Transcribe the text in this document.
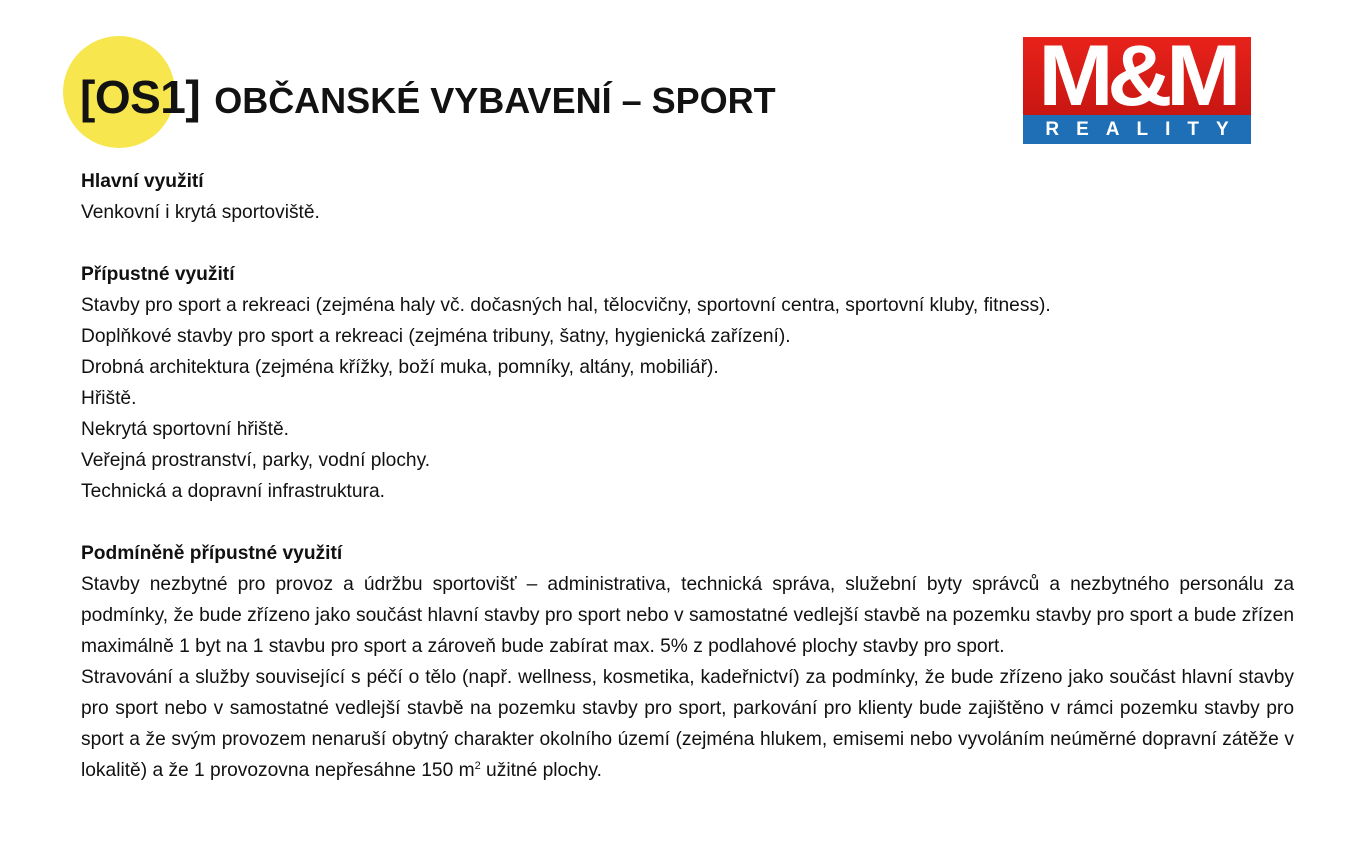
[OS1] OBČANSKÉ VYBAVENÍ – SPORT	M&M
REALITY

Hlavní využití

Venkovní i krytá sportoviště.

Přípustné využití

Stavby pro sport a rekreaci (zejména haly vč. dočasných hal, tělocvičny, sportovní centra, sportovní kluby, fitness).

Doplňkové stavby pro sport a rekreaci (zejména tribuny, šatny, hygienická zařízení).

Drobná architektura (zejména křížky, boží muka, pomníky, altány, mobiliář).

Hřiště.

Nekrytá sportovní hřiště.

Veřejná prostranství, parky, vodní plochy.

Technická a dopravní infrastruktura.

Podmíněně přípustné využití

Stavby nezbytné pro provoz a údržbu sportovišť – administrativa, technická správa, služební byty správců a nezbytného personálu za podmínky, že bude zřízeno jako součást hlavní stavby pro sport nebo v samostatné vedlejší stavbě na pozemku stavby pro sport a bude zřízen maximálně 1 byt na 1 stavbu pro sport a zároveň bude zabírat max. 5% z podlahové plochy stavby pro sport.

Stravování a služby související s péčí o tělo (např. wellness, kosmetika, kadeřnictví) za podmínky, že bude zřízeno jako součást hlavní stavby pro sport nebo v samostatné vedlejší stavbě na pozemku stavby pro sport, parkování pro klienty bude zajištěno v rámci pozemku stavby pro sport a že svým provozem nenaruší obytný charakter okolního území (zejména hlukem, emisemi nebo vyvoláním neúměrné dopravní zátěže v lokalitě) a že 1 provozovna nepřesáhne 150 $m^2$ užitné plochy.
